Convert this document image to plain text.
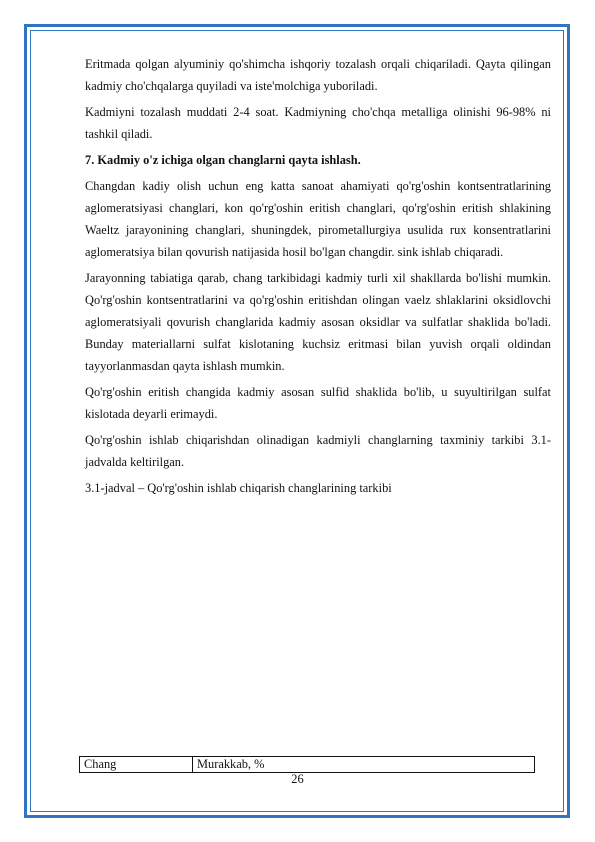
Eritmada qolgan alyuminiy qo'shimcha ishqoriy tozalash orqali chiqariladi. Qayta qilingan kadmiy cho'chqalarga quyiladi va iste'molchiga yuboriladi.

Kadmiyni tozalash muddati 2-4 soat. Kadmiyning cho'chqa metalliga olinishi 96-98% ni tashkil qiladi.

7. Kadmiy o'z ichiga olgan changlarni qayta ishlash.

Changdan kadiy olish uchun eng katta sanoat ahamiyati qo'rg'oshin kontsentratlarining aglomeratsiyasi changlari, kon qo'rg'oshin eritish changlari, qo'rg'oshin eritish shlakining Waeltz jarayonining changlari, shuningdek, pirometallurgiya usulida rux konsentratlarini aglomeratsiya bilan qovurish natijasida hosil bo'lgan changdir. sink ishlab chiqaradi.

Jarayonning tabiatiga qarab, chang tarkibidagi kadmiy turli xil shakllarda bo'lishi mumkin. Qo'rg'oshin kontsentratlarini va qo'rg'oshin eritishdan olingan vaelz shlaklarini oksidlovchi aglomeratsiyali qovurish changlarida kadmiy asosan oksidlar va sulfatlar shaklida bo'ladi. Bunday materiallarni sulfat kislotaning kuchsiz eritmasi bilan yuvish orqali oldindan tayyorlanmasdan qayta ishlash mumkin.

Qo'rg'oshin eritish changida kadmiy asosan sulfid shaklida bo'lib, u suyultirilgan sulfat kislotada deyarli erimaydi.

Qo'rg'oshin ishlab chiqarishdan olinadigan kadmiyli changlarning taxminiy tarkibi 3.1-jadvalda keltirilgan.

3.1-jadval – Qo'rg'oshin ishlab chiqarish changlarining tarkibi

Chang	Murakkab, %
26
